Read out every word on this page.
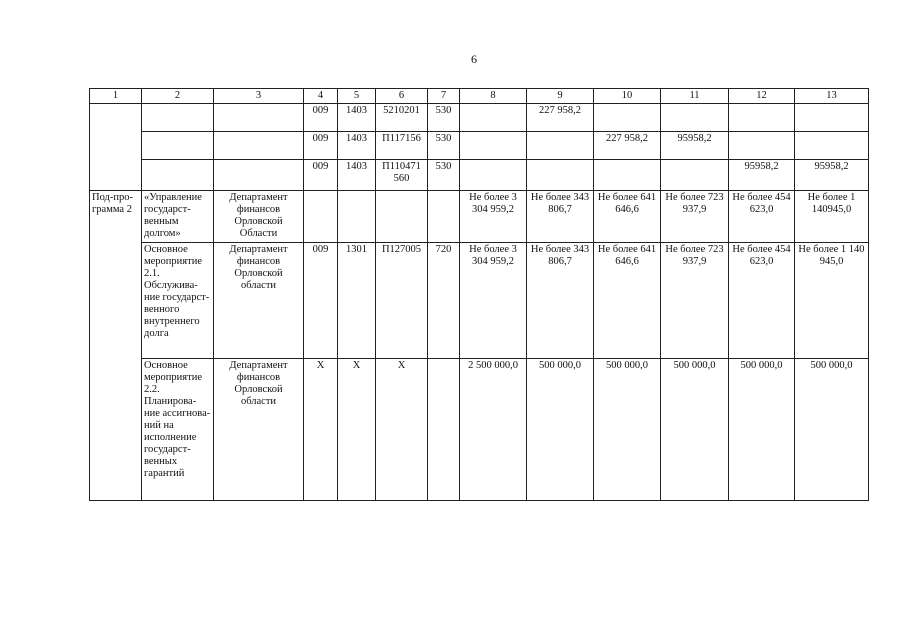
6
1	2	3	4	5	6	7	8	9	10	11	12	13
			009	1403	5210201	530		227 958,2				
			009	1403	П117156	530			227 958,2	95958,2		
			009	1403	П110471 560	530					95958,2	95958,2
Под-про-грамма 2	«Управление государст-венным долгом»	Департамент финансов Орловской Области					Не более 3 304 959,2	Не более 343 806,7	Не более 641 646,6	Не более 723 937,9	Не более 454 623,0	Не более 1 140945,0
	Основное мероприятие 2.1. Обслужива-ние государст-венного внутреннего долга	Департамент финансов Орловской области	009	1301	П127005	720	Не более 3 304 959,2	Не более 343 806,7	Не более 641 646,6	Не более 723 937,9	Не более 454 623,0	Не более 1 140 945,0
	Основное мероприятие 2.2. Планирова-ние ассигнова-ний на исполнение государст-венных гарантий	Департамент финансов Орловской области	Х	Х	Х		2 500 000,0	500 000,0	500 000,0	500 000,0	500 000,0	500 000,0
